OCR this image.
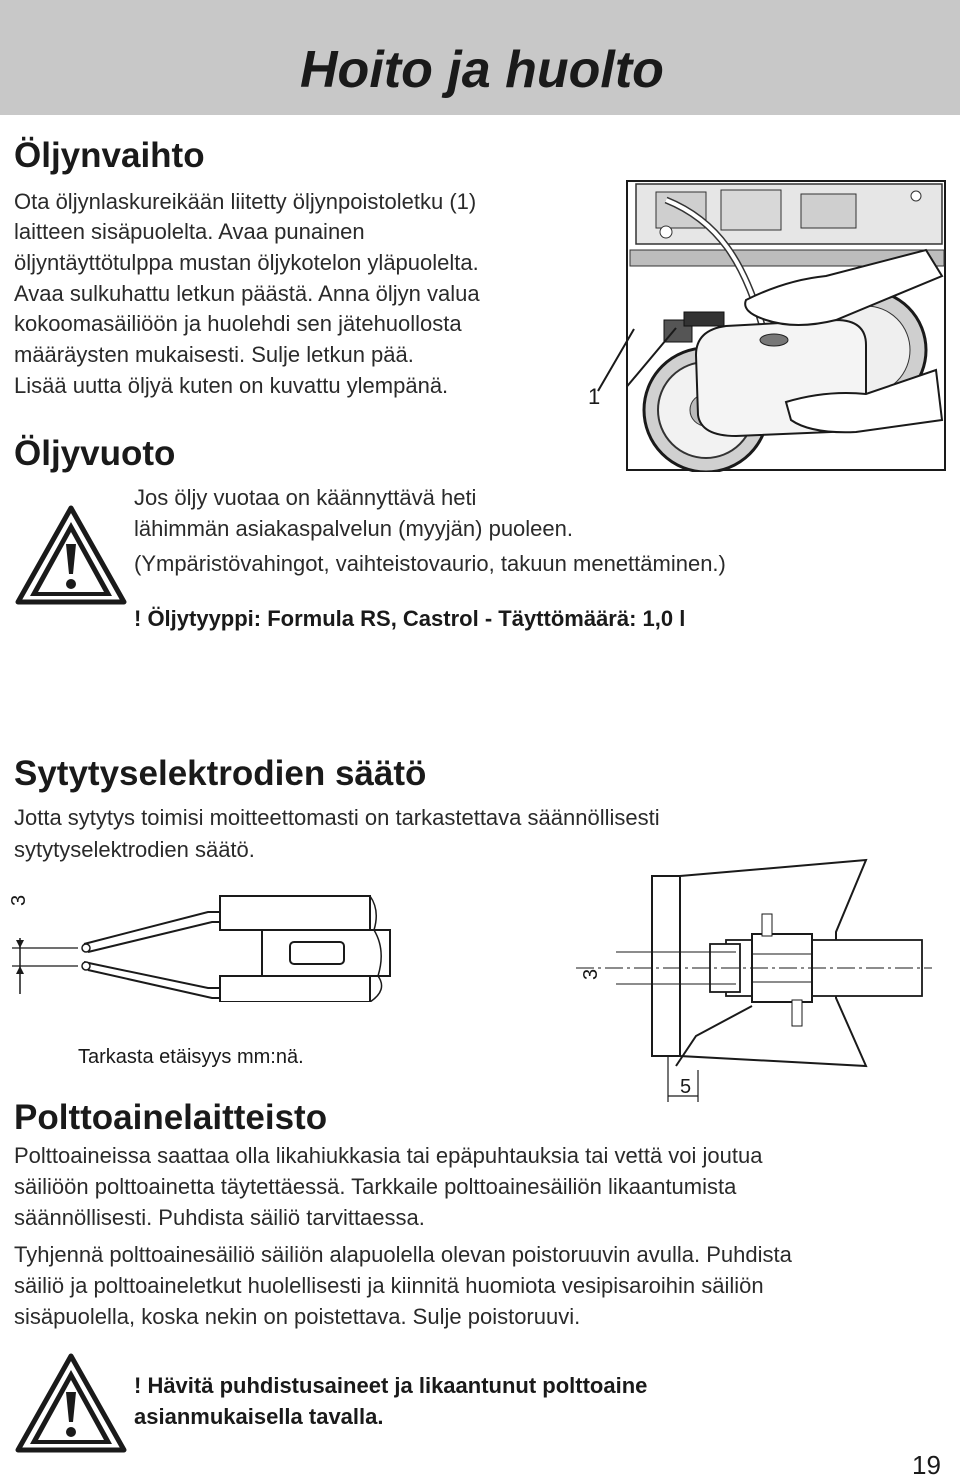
Hoito ja huolto
Öljynvaihto

Ota öljynlaskureikään liitetty öljynpoistoletku (1)

laitteen sisäpuolelta. Avaa punainen

öljyntäyttötulppa mustan öljykotelon yläpuolelta.

Avaa sulkuhattu letkun päästä. Anna öljyn valua

kokoomasäiliöön ja huolehdi sen jätehuollosta

määräysten mukaisesti. Sulje letkun pää.

Lisää uutta öljyä kuten on kuvattu ylempänä.	1
Öljyvuoto

Jos öljy vuotaa on käännyttävä heti

lähimmän asiakaspalvelun (myyjän) puoleen.

(Ympäristövahingot, vaihteistovaurio, takuun menettäminen.)

! Öljytyyppi: Formula RS, Castrol - Täyttömäärä: 1,0 l

Sytytyselektrodien säätö

Jotta sytytys toimisi moitteettomasti on tarkastettava säännöllisesti

sytytyselektrodien säätö.

3
3
5
Tarkasta etäisyys mm:nä.
Polttoainelaitteisto

Polttoaineissa saattaa olla likahiukkasia tai epäpuhtauksia tai vettä voi joutua

säiliöön polttoainetta täytettäessä. Tarkkaile polttoainesäiliön likaantumista

säännöllisesti. Puhdista säiliö tarvittaessa.

Tyhjennä polttoainesäiliö säiliön alapuolella olevan poistoruuvin avulla. Puhdista

säiliö ja polttoaineletkut huolellisesti ja kiinnitä huomiota vesipisaroihin säiliön

sisäpuolella, koska nekin on poistettava. Sulje poistoruuvi.

! Hävitä puhdistusaineet ja likaantunut polttoaine

asianmukaisella tavalla.

19
